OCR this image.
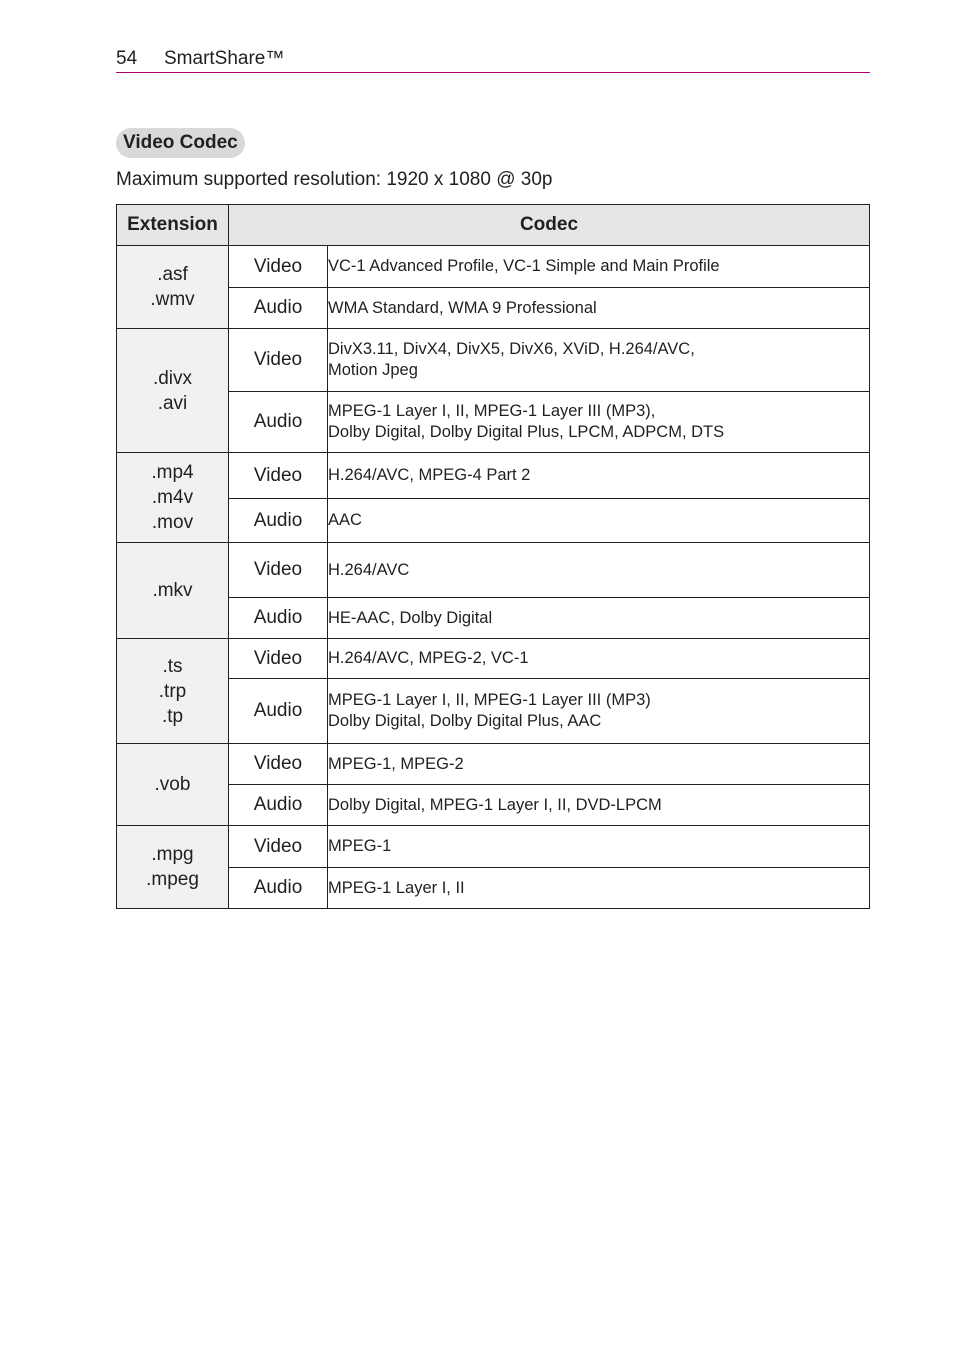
54 SmartShare™
Video Codec
Maximum supported resolution: 1920 x 1080 @ 30p
Extension	Codec	

.asf
.wmv	Video	VC-1 Advanced Profile, VC-1 Simple and Main Profile

	Audio	WMA Standard, WMA 9 Professional

.divx
.avi	Video	DivX3.11, DivX4, DivX5, DivX6, XViD, H.264/AVC,
Motion Jpeg

	Audio	MPEG-1 Layer I, II, MPEG-1 Layer III (MP3),
Dolby Digital, Dolby Digital Plus, LPCM, ADPCM, DTS

.mp4
.m4v
.mov	Video	H.264/AVC, MPEG-4 Part 2

	Audio	AAC

.mkv	Video	H.264/AVC

	Audio	HE-AAC, Dolby Digital

.ts
.trp
.tp	Video	H.264/AVC, MPEG-2, VC-1

	Audio	MPEG-1 Layer I, II, MPEG-1 Layer III (MP3)
Dolby Digital, Dolby Digital Plus, AAC

.vob	Video	MPEG-1, MPEG-2

	Audio	Dolby Digital, MPEG-1 Layer I, II, DVD-LPCM

.mpg
.mpeg	Video	MPEG-1

	Audio	MPEG-1 Layer I, II
